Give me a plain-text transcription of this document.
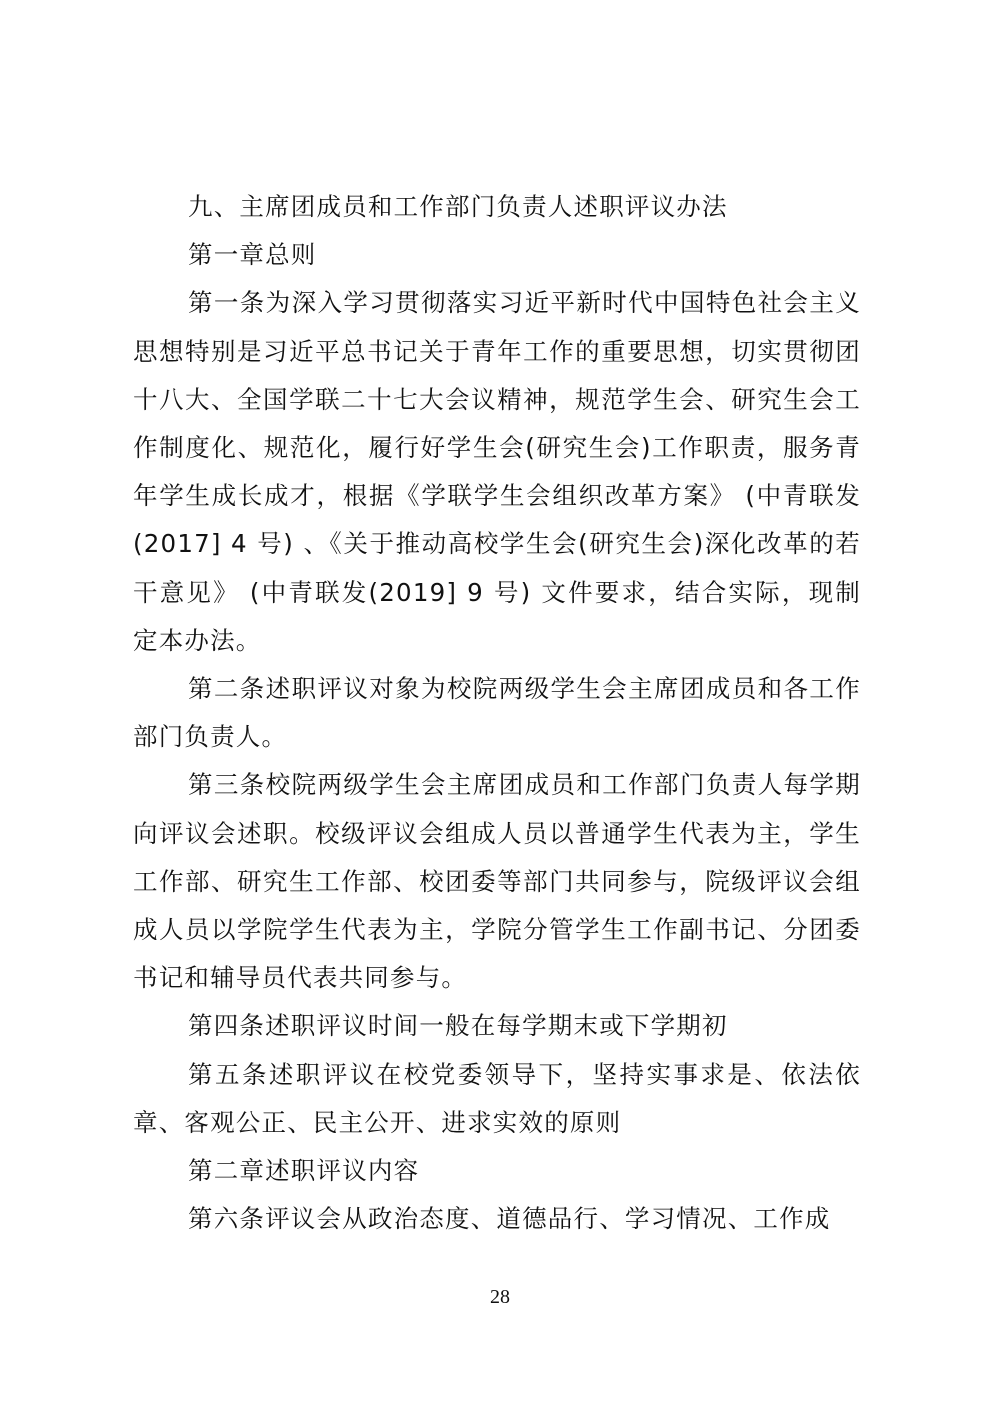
九、主席团成员和工作部门负责人述职评议办法

第一章总则

第一条为深入学习贯彻落实习近平新时代中国特色社会主义思想特别是习近平总书记关于青年工作的重要思想，切实贯彻团十八大、全国学联二十七大会议精神，规范学生会、研究生会工作制度化、规范化，履行好学生会(研究生会)工作职责，服务青年学生成长成才，根据《学联学生会组织改革方案》 (中青联发(2017] 4 号) 、《关于推动高校学生会(研究生会)深化改革的若干意见》 (中青联发(2019] 9 号) 文件要求，结合实际，现制定本办法。

第二条述职评议对象为校院两级学生会主席团成员和各工作部门负责人。

第三条校院两级学生会主席团成员和工作部门负责人每学期向评议会述职。校级评议会组成人员以普通学生代表为主，学生工作部、研究生工作部、校团委等部门共同参与，院级评议会组成人员以学院学生代表为主，学院分管学生工作副书记、分团委书记和辅导员代表共同参与。

第四条述职评议时间一般在每学期末或下学期初

第五条述职评议在校党委领导下，坚持实事求是、依法依章、客观公正、民主公开、进求实效的原则

第二章述职评议内容

第六条评议会从政治态度、道德品行、学习情况、工作成

28
